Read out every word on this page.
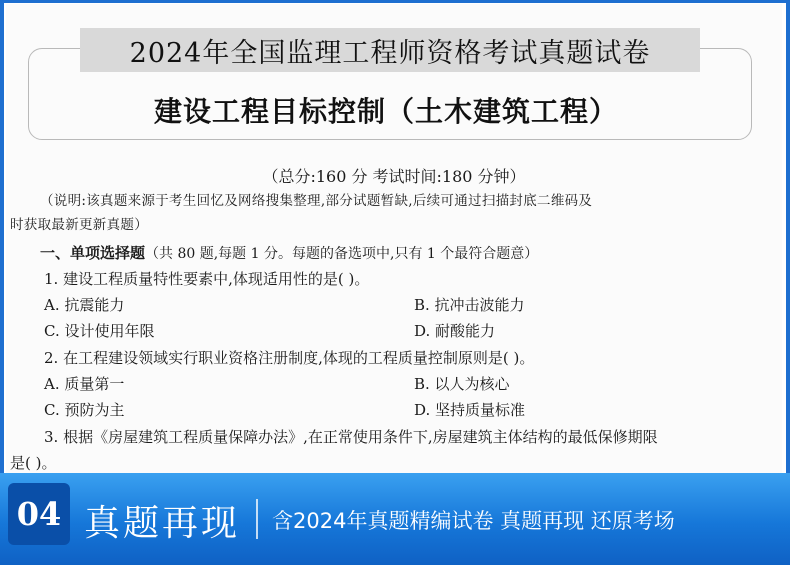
2024年全国监理工程师资格考试真题试卷
建设工程目标控制（土木建筑工程）
（总分:160 分 考试时间:180 分钟）
（说明:该真题来源于考生回忆及网络搜集整理,部分试题暂缺,后续可通过扫描封底二维码及
时获取最新更新真题）
一、单项选择题（共 80 题,每题 1 分。每题的备选项中,只有 1 个最符合题意）
1. 建设工程质量特性要素中,体现适用性的是( )。
A. 抗震能力	B. 抗冲击波能力
C. 设计使用年限	D. 耐酸能力
2. 在工程建设领域实行职业资格注册制度,体现的工程质量控制原则是( )。
A. 质量第一	B. 以人为核心
C. 预防为主	D. 坚持质量标准
3. 根据《房屋建筑工程质量保障办法》,在正常使用条件下,房屋建筑主体结构的最低保修期限
是( )。
04 真题再现 含2024年真题精编试卷 真题再现 还原考场
